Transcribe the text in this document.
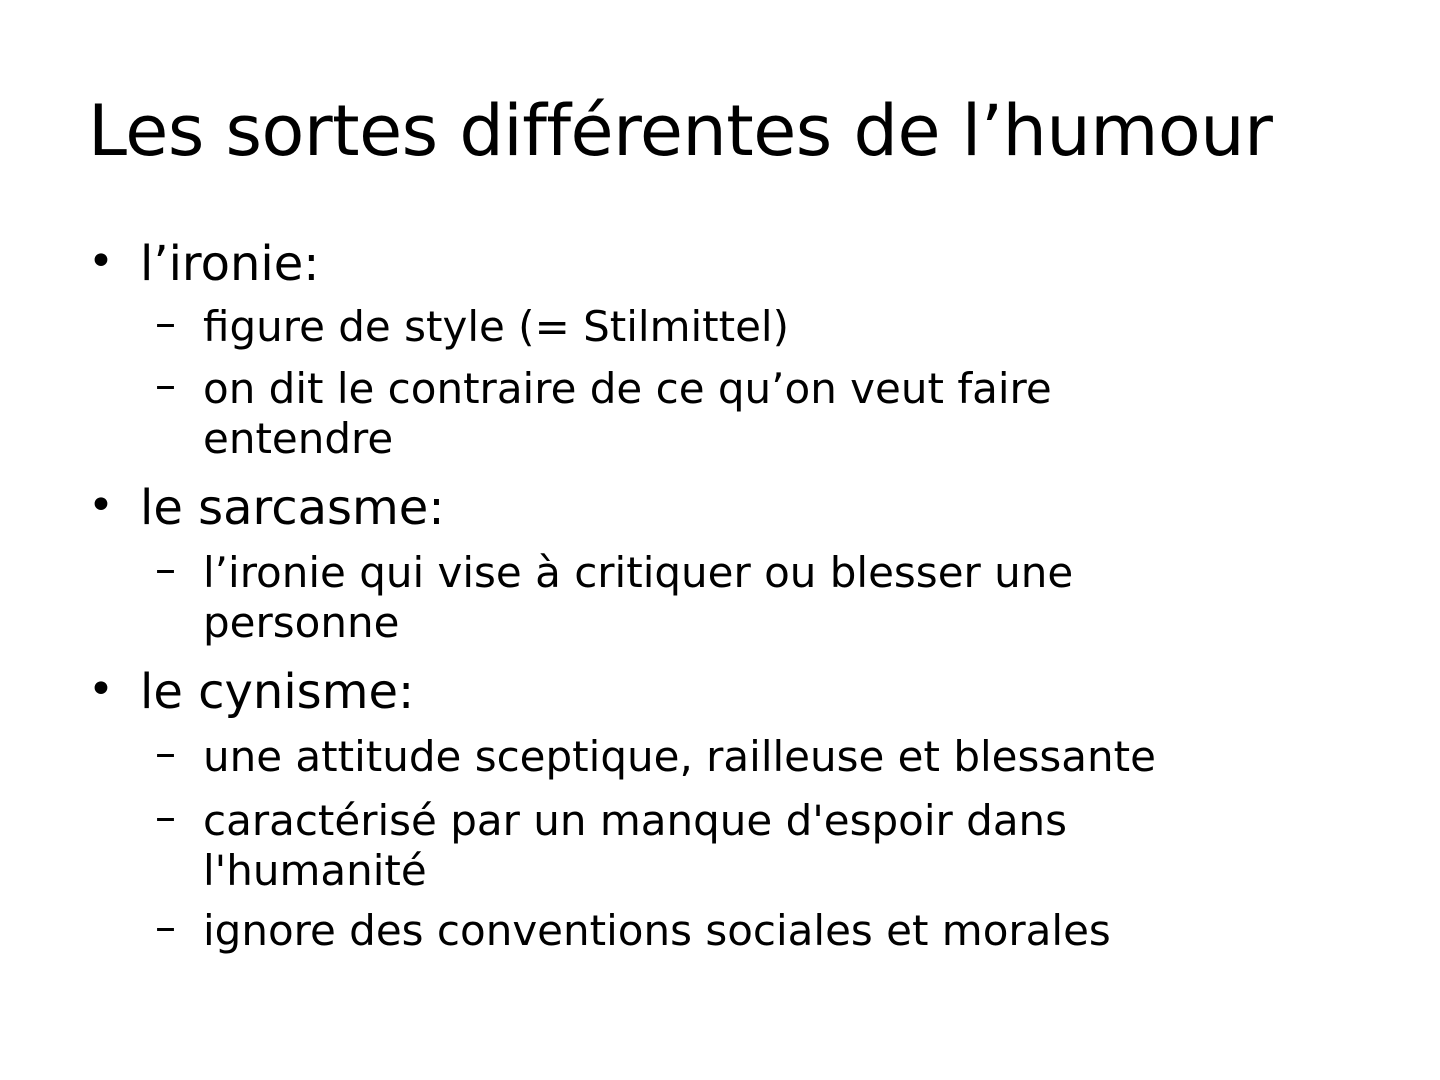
Les sortes différentes de l’humour
• l’ironie:
– figure de style (= Stilmittel)
– on dit le contraire de ce qu’on veut faire
entendre
• le sarcasme:
– l’ironie qui vise à critiquer ou blesser une
personne
• le cynisme:
– une attitude sceptique, railleuse et blessante
– caractérisé par un manque d'espoir dans
l'humanité
– ignore des conventions sociales et morales
